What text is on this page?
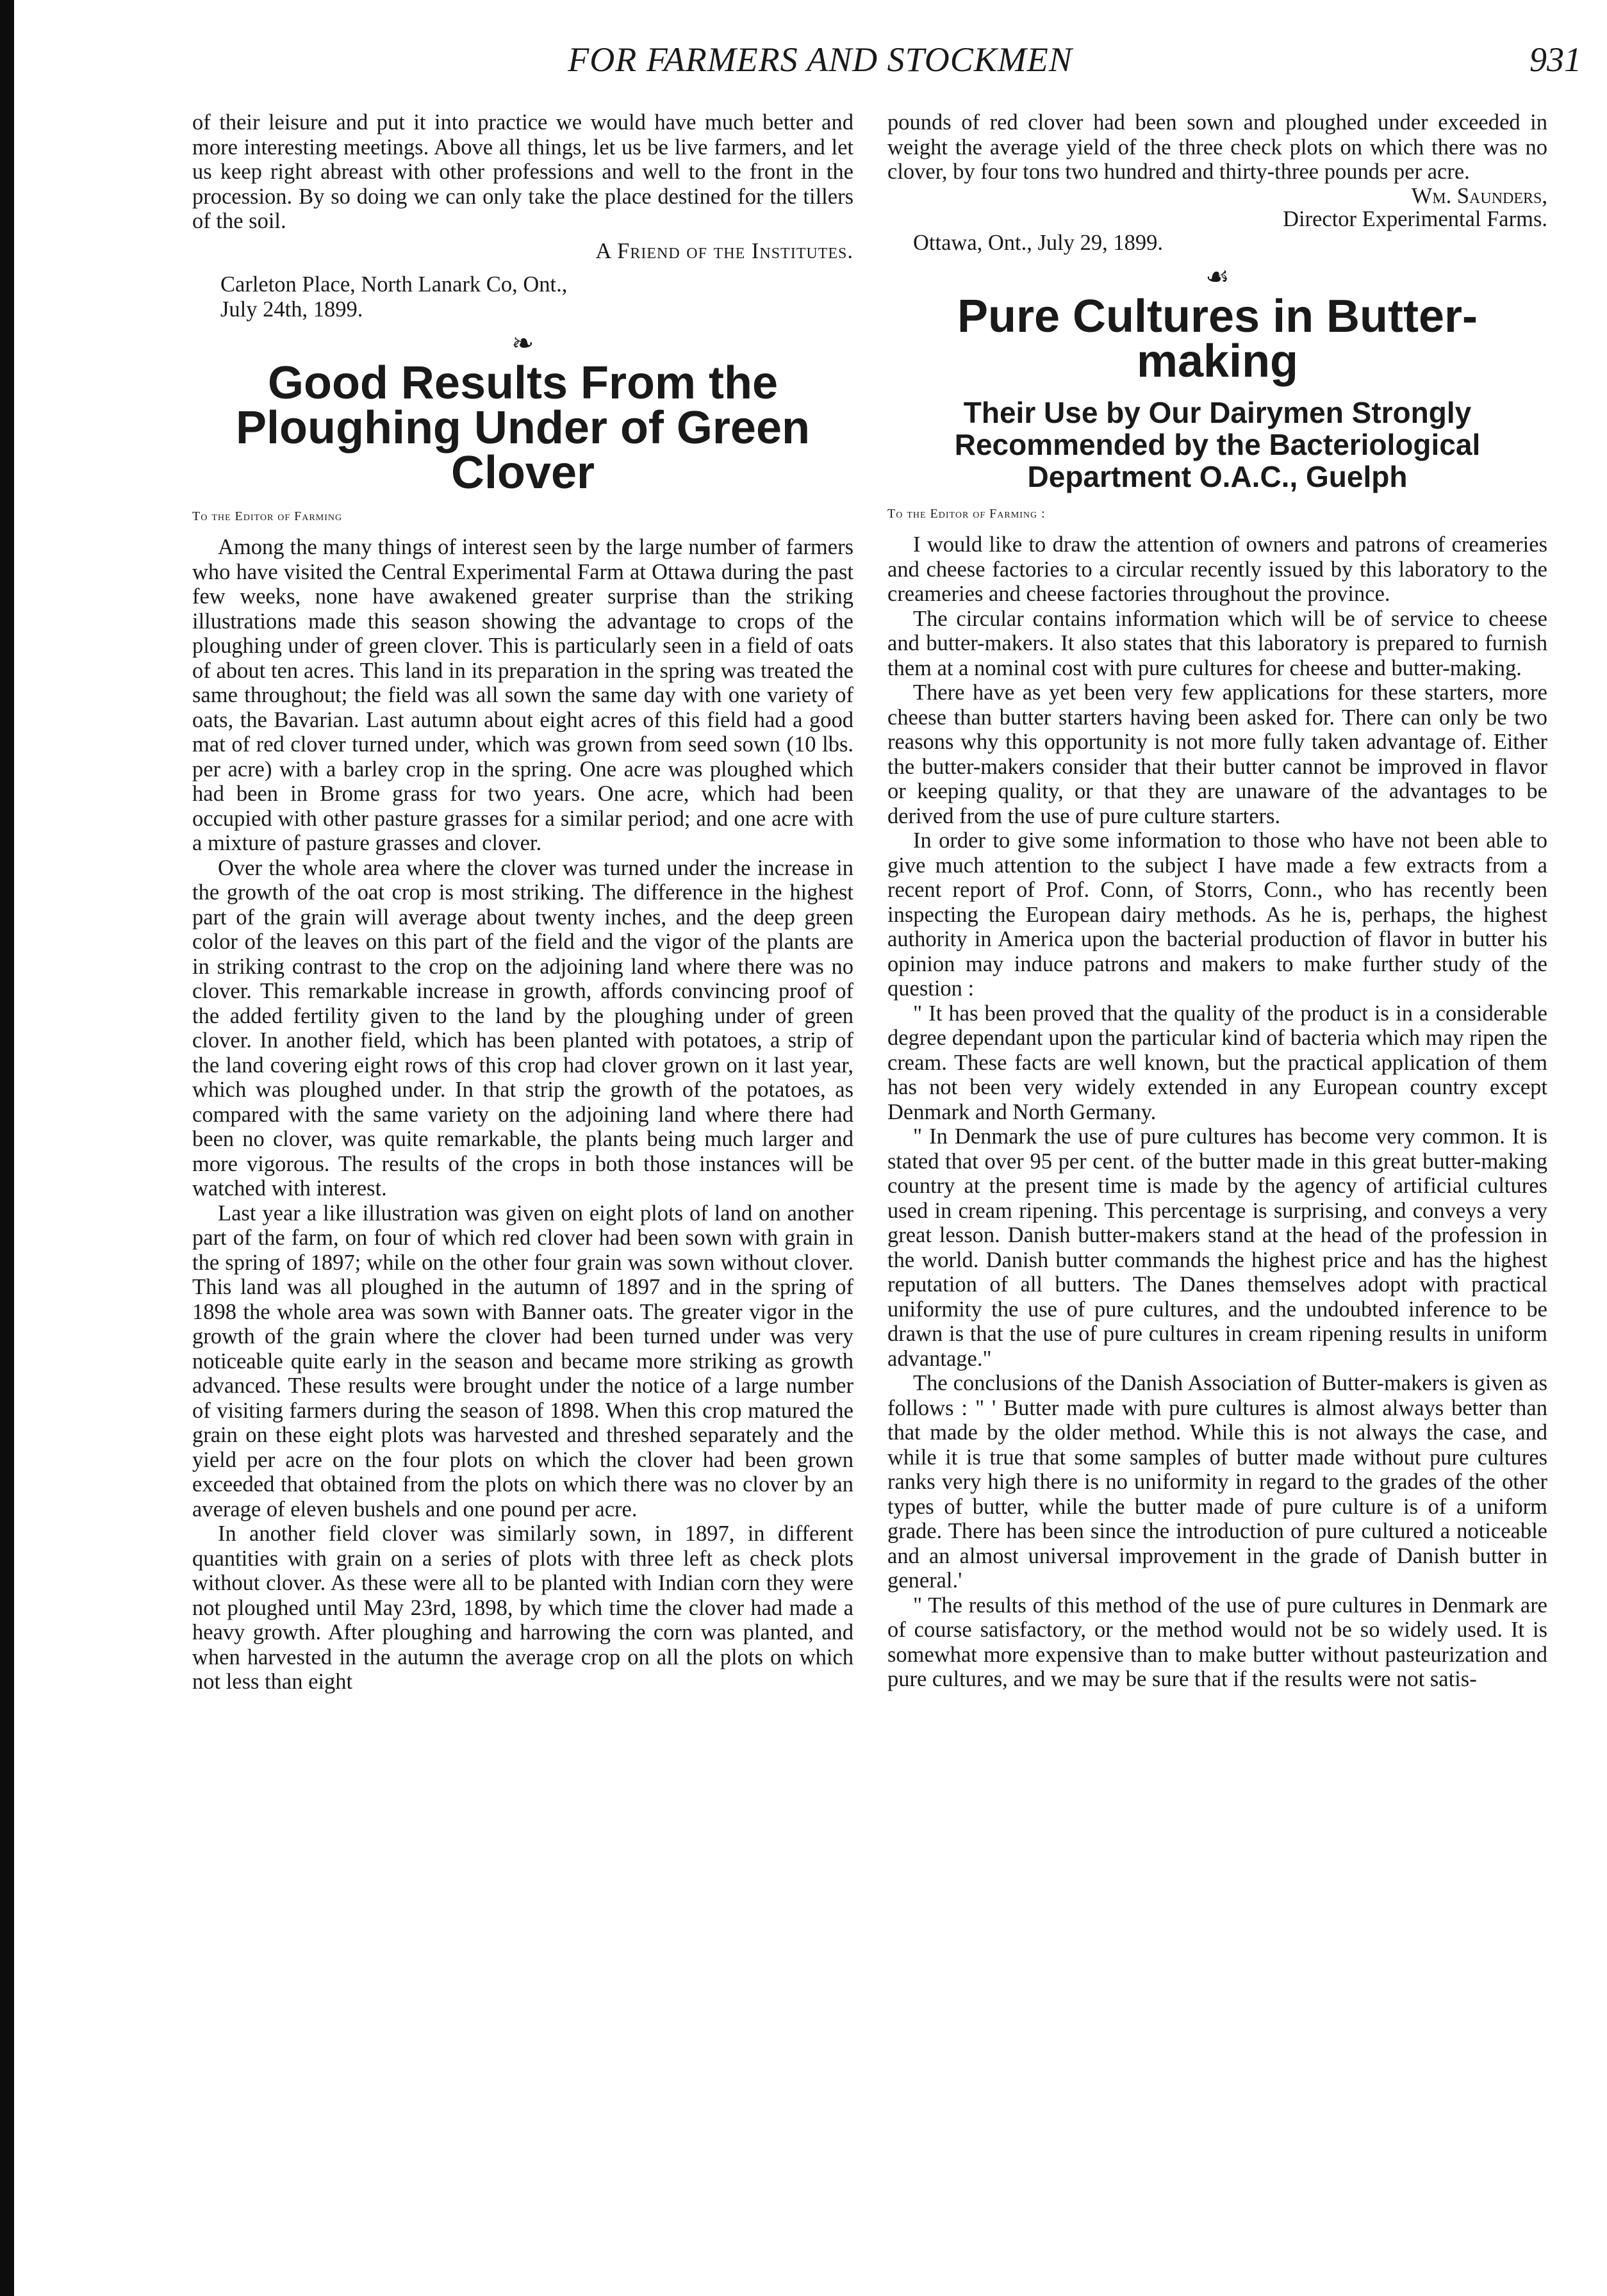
FOR FARMERS AND STOCKMEN	931

of their leisure and put it into practice we would have much better and more interesting meetings. Above all things, let us be live farmers, and let us keep right abreast with other professions and well to the front in the procession. By so doing we can only take the place destined for the tillers of the soil.

A Friend of the Institutes.
Carleton Place, North Lanark Co, Ont.,
July 24th, 1899.
❧
Good Results From the Ploughing Under of Green Clover
To the Editor of Farming

Among the many things of interest seen by the large number of farmers who have visited the Central Experimental Farm at Ottawa during the past few weeks, none have awakened greater surprise than the striking illustrations made this season showing the advantage to crops of the ploughing under of green clover. This is particularly seen in a field of oats of about ten acres. This land in its preparation in the spring was treated the same throughout; the field was all sown the same day with one variety of oats, the Bavarian. Last autumn about eight acres of this field had a good mat of red clover turned under, which was grown from seed sown (10 lbs. per acre) with a barley crop in the spring. One acre was ploughed which had been in Brome grass for two years. One acre, which had been occupied with other pasture grasses for a similar period; and one acre with a mixture of pasture grasses and clover.

Over the whole area where the clover was turned under the increase in the growth of the oat crop is most striking. The difference in the highest part of the grain will average about twenty inches, and the deep green color of the leaves on this part of the field and the vigor of the plants are in striking contrast to the crop on the adjoining land where there was no clover. This remarkable increase in growth, affords convincing proof of the added fertility given to the land by the ploughing under of green clover. In another field, which has been planted with potatoes, a strip of the land covering eight rows of this crop had clover grown on it last year, which was ploughed under. In that strip the growth of the potatoes, as compared with the same variety on the adjoining land where there had been no clover, was quite remarkable, the plants being much larger and more vigorous. The results of the crops in both those instances will be watched with interest.

Last year a like illustration was given on eight plots of land on another part of the farm, on four of which red clover had been sown with grain in the spring of 1897; while on the other four grain was sown without clover. This land was all ploughed in the autumn of 1897 and in the spring of 1898 the whole area was sown with Banner oats. The greater vigor in the growth of the grain where the clover had been turned under was very noticeable quite early in the season and became more striking as growth advanced. These results were brought under the notice of a large number of visiting farmers during the season of 1898. When this crop matured the grain on these eight plots was harvested and threshed separately and the yield per acre on the four plots on which the clover had been grown exceeded that obtained from the plots on which there was no clover by an average of eleven bushels and one pound per acre.

In another field clover was similarly sown, in 1897, in different quantities with grain on a series of plots with three left as check plots without clover. As these were all to be planted with Indian corn they were not ploughed until May 23rd, 1898, by which time the clover had made a heavy growth. After ploughing and harrowing the corn was planted, and when harvested in the autumn the average crop on all the plots on which not less than eight

pounds of red clover had been sown and ploughed under exceeded in weight the average yield of the three check plots on which there was no clover, by four tons two hundred and thirty-three pounds per acre.

Wm. Saunders,
Director Experimental Farms.
Ottawa, Ont., July 29, 1899.
☙
Pure Cultures in Butter-making
Their Use by Our Dairymen Strongly Recommended by the Bacteriological Department O.A.C., Guelph
To the Editor of Farming :

I would like to draw the attention of owners and patrons of creameries and cheese factories to a circular recently issued by this laboratory to the creameries and cheese factories throughout the province.

The circular contains information which will be of service to cheese and butter-makers. It also states that this laboratory is prepared to furnish them at a nominal cost with pure cultures for cheese and butter-making.

There have as yet been very few applications for these starters, more cheese than butter starters having been asked for. There can only be two reasons why this opportunity is not more fully taken advantage of. Either the butter-makers consider that their butter cannot be improved in flavor or keeping quality, or that they are unaware of the advantages to be derived from the use of pure culture starters.

In order to give some information to those who have not been able to give much attention to the subject I have made a few extracts from a recent report of Prof. Conn, of Storrs, Conn., who has recently been inspecting the European dairy methods. As he is, perhaps, the highest authority in America upon the bacterial production of flavor in butter his opinion may induce patrons and makers to make further study of the question :

" It has been proved that the quality of the product is in a considerable degree dependant upon the particular kind of bacteria which may ripen the cream. These facts are well known, but the practical application of them has not been very widely extended in any European country except Denmark and North Germany.

" In Denmark the use of pure cultures has become very common. It is stated that over 95 per cent. of the butter made in this great butter-making country at the present time is made by the agency of artificial cultures used in cream ripening. This percentage is surprising, and conveys a very great lesson. Danish butter-makers stand at the head of the profession in the world. Danish butter commands the highest price and has the highest reputation of all butters. The Danes themselves adopt with practical uniformity the use of pure cultures, and the undoubted inference to be drawn is that the use of pure cultures in cream ripening results in uniform advantage."

The conclusions of the Danish Association of Butter-makers is given as follows : " ' Butter made with pure cultures is almost always better than that made by the older method. While this is not always the case, and while it is true that some samples of butter made without pure cultures ranks very high there is no uniformity in regard to the grades of the other types of butter, while the butter made of pure culture is of a uniform grade. There has been since the introduction of pure cultured a noticeable and an almost universal improvement in the grade of Danish butter in general.'

" The results of this method of the use of pure cultures in Denmark are of course satisfactory, or the method would not be so widely used. It is somewhat more expensive than to make butter without pasteurization and pure cultures, and we may be sure that if the results were not satis-
